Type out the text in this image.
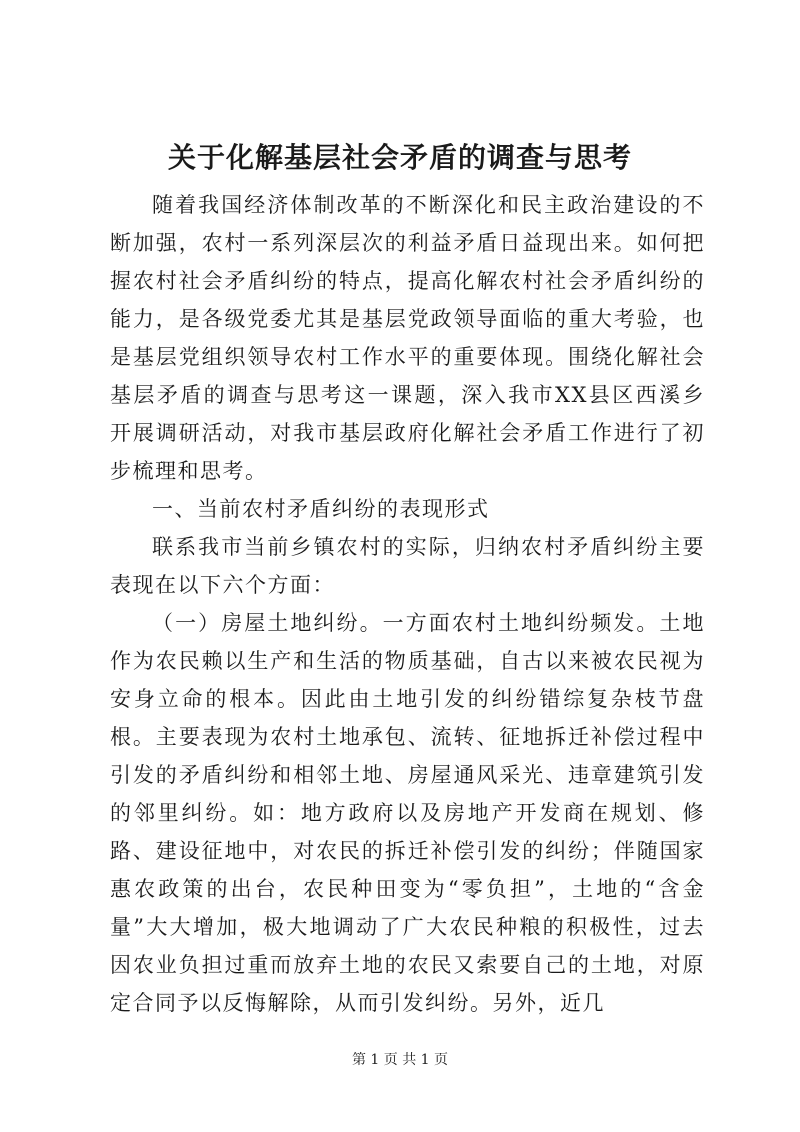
关于化解基层社会矛盾的调查与思考

随着我国经济体制改革的不断深化和民主政治建设的不断加强，农村一系列深层次的利益矛盾日益现出来。如何把握农村社会矛盾纠纷的特点，提高化解农村社会矛盾纠纷的能力，是各级党委尤其是基层党政领导面临的重大考验，也是基层党组织领导农村工作水平的重要体现。围绕化解社会基层矛盾的调查与思考这一课题，深入我市XX县区西溪乡开展调研活动，对我市基层政府化解社会矛盾工作进行了初步梳理和思考。

一、当前农村矛盾纠纷的表现形式

联系我市当前乡镇农村的实际，归纳农村矛盾纠纷主要表现在以下六个方面：

（一）房屋土地纠纷。一方面农村土地纠纷频发。土地作为农民赖以生产和生活的物质基础，自古以来被农民视为安身立命的根本。因此由土地引发的纠纷错综复杂枝节盘根。主要表现为农村土地承包、流转、征地拆迁补偿过程中引发的矛盾纠纷和相邻土地、房屋通风采光、违章建筑引发的邻里纠纷。如：地方政府以及房地产开发商在规划、修路、建设征地中，对农民的拆迁补偿引发的纠纷；伴随国家惠农政策的出台，农民种田变为“零负担”，土地的“含金量”大大增加，极大地调动了广大农民种粮的积极性，过去因农业负担过重而放弃土地的农民又索要自己的土地，对原定合同予以反悔解除，从而引发纠纷。另外，近几

第 1 页 共 1 页
